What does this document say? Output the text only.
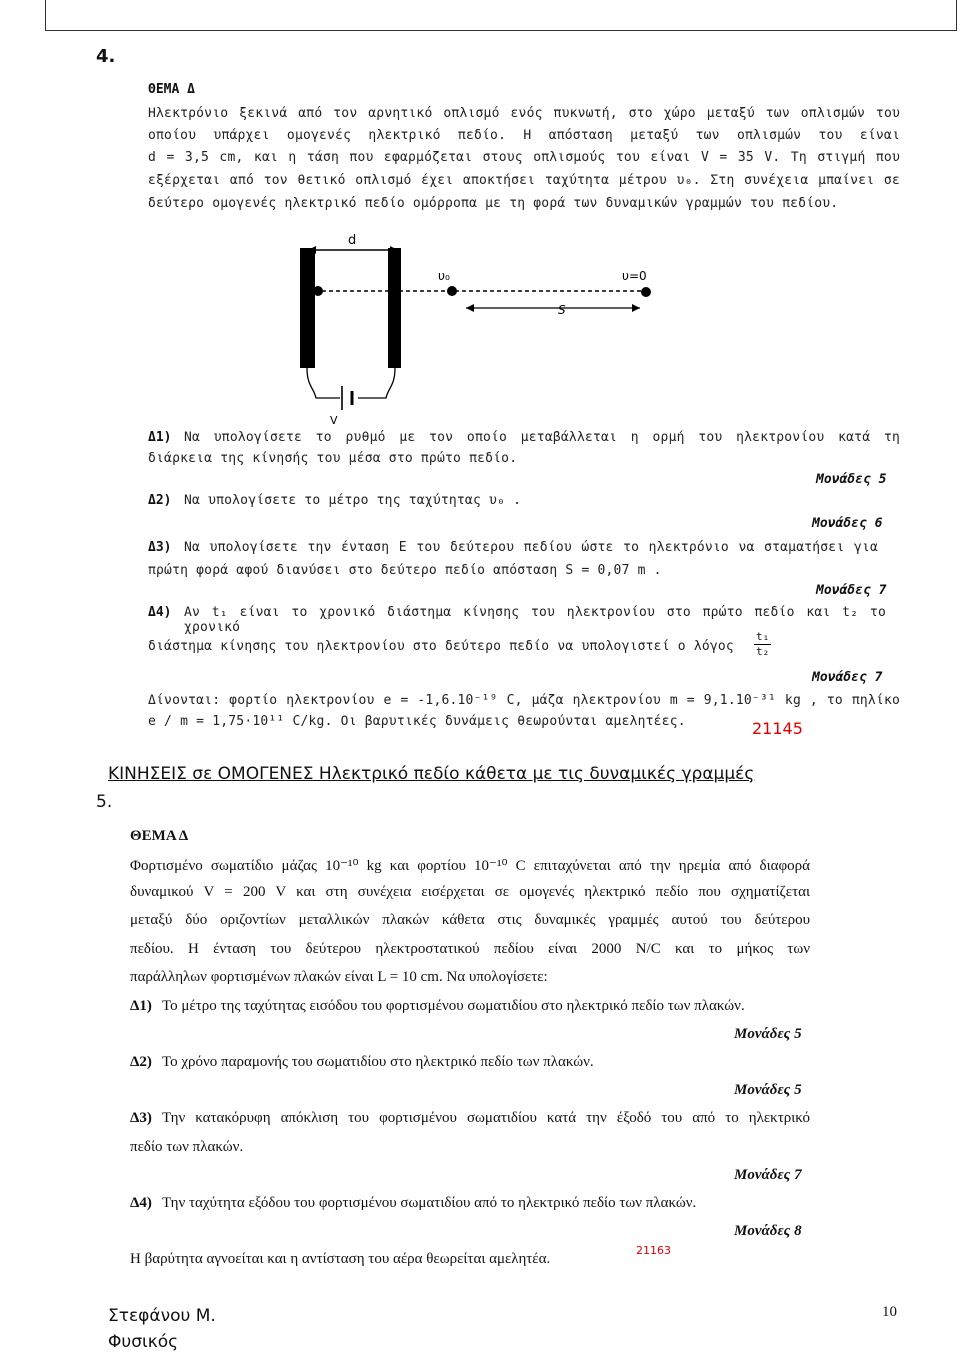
4.
ΘΕΜΑ Δ
Ηλεκτρόνιο ξεκινά από τον αρνητικό οπλισμό ενός πυκνωτή, στο χώρο μεταξύ των οπλισμών του
οποίου υπάρχει ομογενές ηλεκτρικό πεδίο. Η απόσταση μεταξύ των οπλισμών του είναι
d = 3,5 cm, και η τάση που εφαρμόζεται στους οπλισμούς του είναι V = 35 V. Τη στιγμή που
εξέρχεται από τον θετικό οπλισμό έχει αποκτήσει ταχύτητα μέτρου υ₀. Στη συνέχεια μπαίνει σε
δεύτερο ομογενές ηλεκτρικό πεδίο ομόρροπα με τη φορά των δυναμικών γραμμών του πεδίου.
d
υ₀	υ=0
S
V
Δ1) Να υπολογίσετε το ρυθμό με τον οποίο μεταβάλλεται η ορμή του ηλεκτρονίου κατά τη
διάρκεια της κίνησής του μέσα στο πρώτο πεδίο.
Μονάδες 5
Δ2) Να υπολογίσετε το μέτρο της ταχύτητας υ₀ .
Μονάδες 6
Δ3) Να υπολογίσετε την ένταση E του δεύτερου πεδίου ώστε το ηλεκτρόνιο να σταματήσει για
πρώτη φορά αφού διανύσει στο δεύτερο πεδίο απόσταση S = 0,07 m .
Μονάδες 7
Δ4) Αν t₁ είναι το χρονικό διάστημα κίνησης του ηλεκτρονίου στο πρώτο πεδίο και t₂ το χρονικό
διάστημα κίνησης του ηλεκτρονίου στο δεύτερο πεδίο να υπολογιστεί ο λόγος $\frac{\text{t₁}}{\text{t₂}}$
Μονάδες 7
Δίνονται: φορτίο ηλεκτρονίου e = -1,6.10⁻¹⁹ C, μάζα ηλεκτρονίου m = 9,1.10⁻³¹ kg , το πηλίκο
e / m = 1,75·10¹¹ C/kg. Οι βαρυτικές δυνάμεις θεωρούνται αμελητέες.	21145
ΚΙΝΗΣΕΙΣ σε ΟΜΟΓΕΝΕΣ Ηλεκτρικό πεδίο κάθετα με τις δυναμικές γραμμές
5.
ΘΕΜΑ Δ
Φορτισμένο σωματίδιο μάζας 10⁻¹⁰ kg και φορτίου 10⁻¹⁰ C επιταχύνεται από την ηρεμία από διαφορά
δυναμικού V = 200 V και στη συνέχεια εισέρχεται σε ομογενές ηλεκτρικό πεδίο που σχηματίζεται
μεταξύ δύο οριζοντίων μεταλλικών πλακών κάθετα στις δυναμικές γραμμές αυτού του δεύτερου
πεδίου. Η ένταση του δεύτερου ηλεκτροστατικού πεδίου είναι 2000 N/C και το μήκος των
παράλληλων φορτισμένων πλακών είναι L = 10 cm. Να υπολογίσετε:
Δ1) Το μέτρο της ταχύτητας εισόδου του φορτισμένου σωματιδίου στο ηλεκτρικό πεδίο των πλακών.
Μονάδες 5
Δ2) Το χρόνο παραμονής του σωματιδίου στο ηλεκτρικό πεδίο των πλακών.
Μονάδες 5
Δ3) Την κατακόρυφη απόκλιση του φορτισμένου σωματιδίου κατά την έξοδό του από το ηλεκτρικό
πεδίο των πλακών.
Μονάδες 7
Δ4) Την ταχύτητα εξόδου του φορτισμένου σωματιδίου από το ηλεκτρικό πεδίο των πλακών.
Μονάδες 8
21163
Η βαρύτητα αγνοείται και η αντίσταση του αέρα θεωρείται αμελητέα.
Στεφάνου Μ.
Φυσικός
10
